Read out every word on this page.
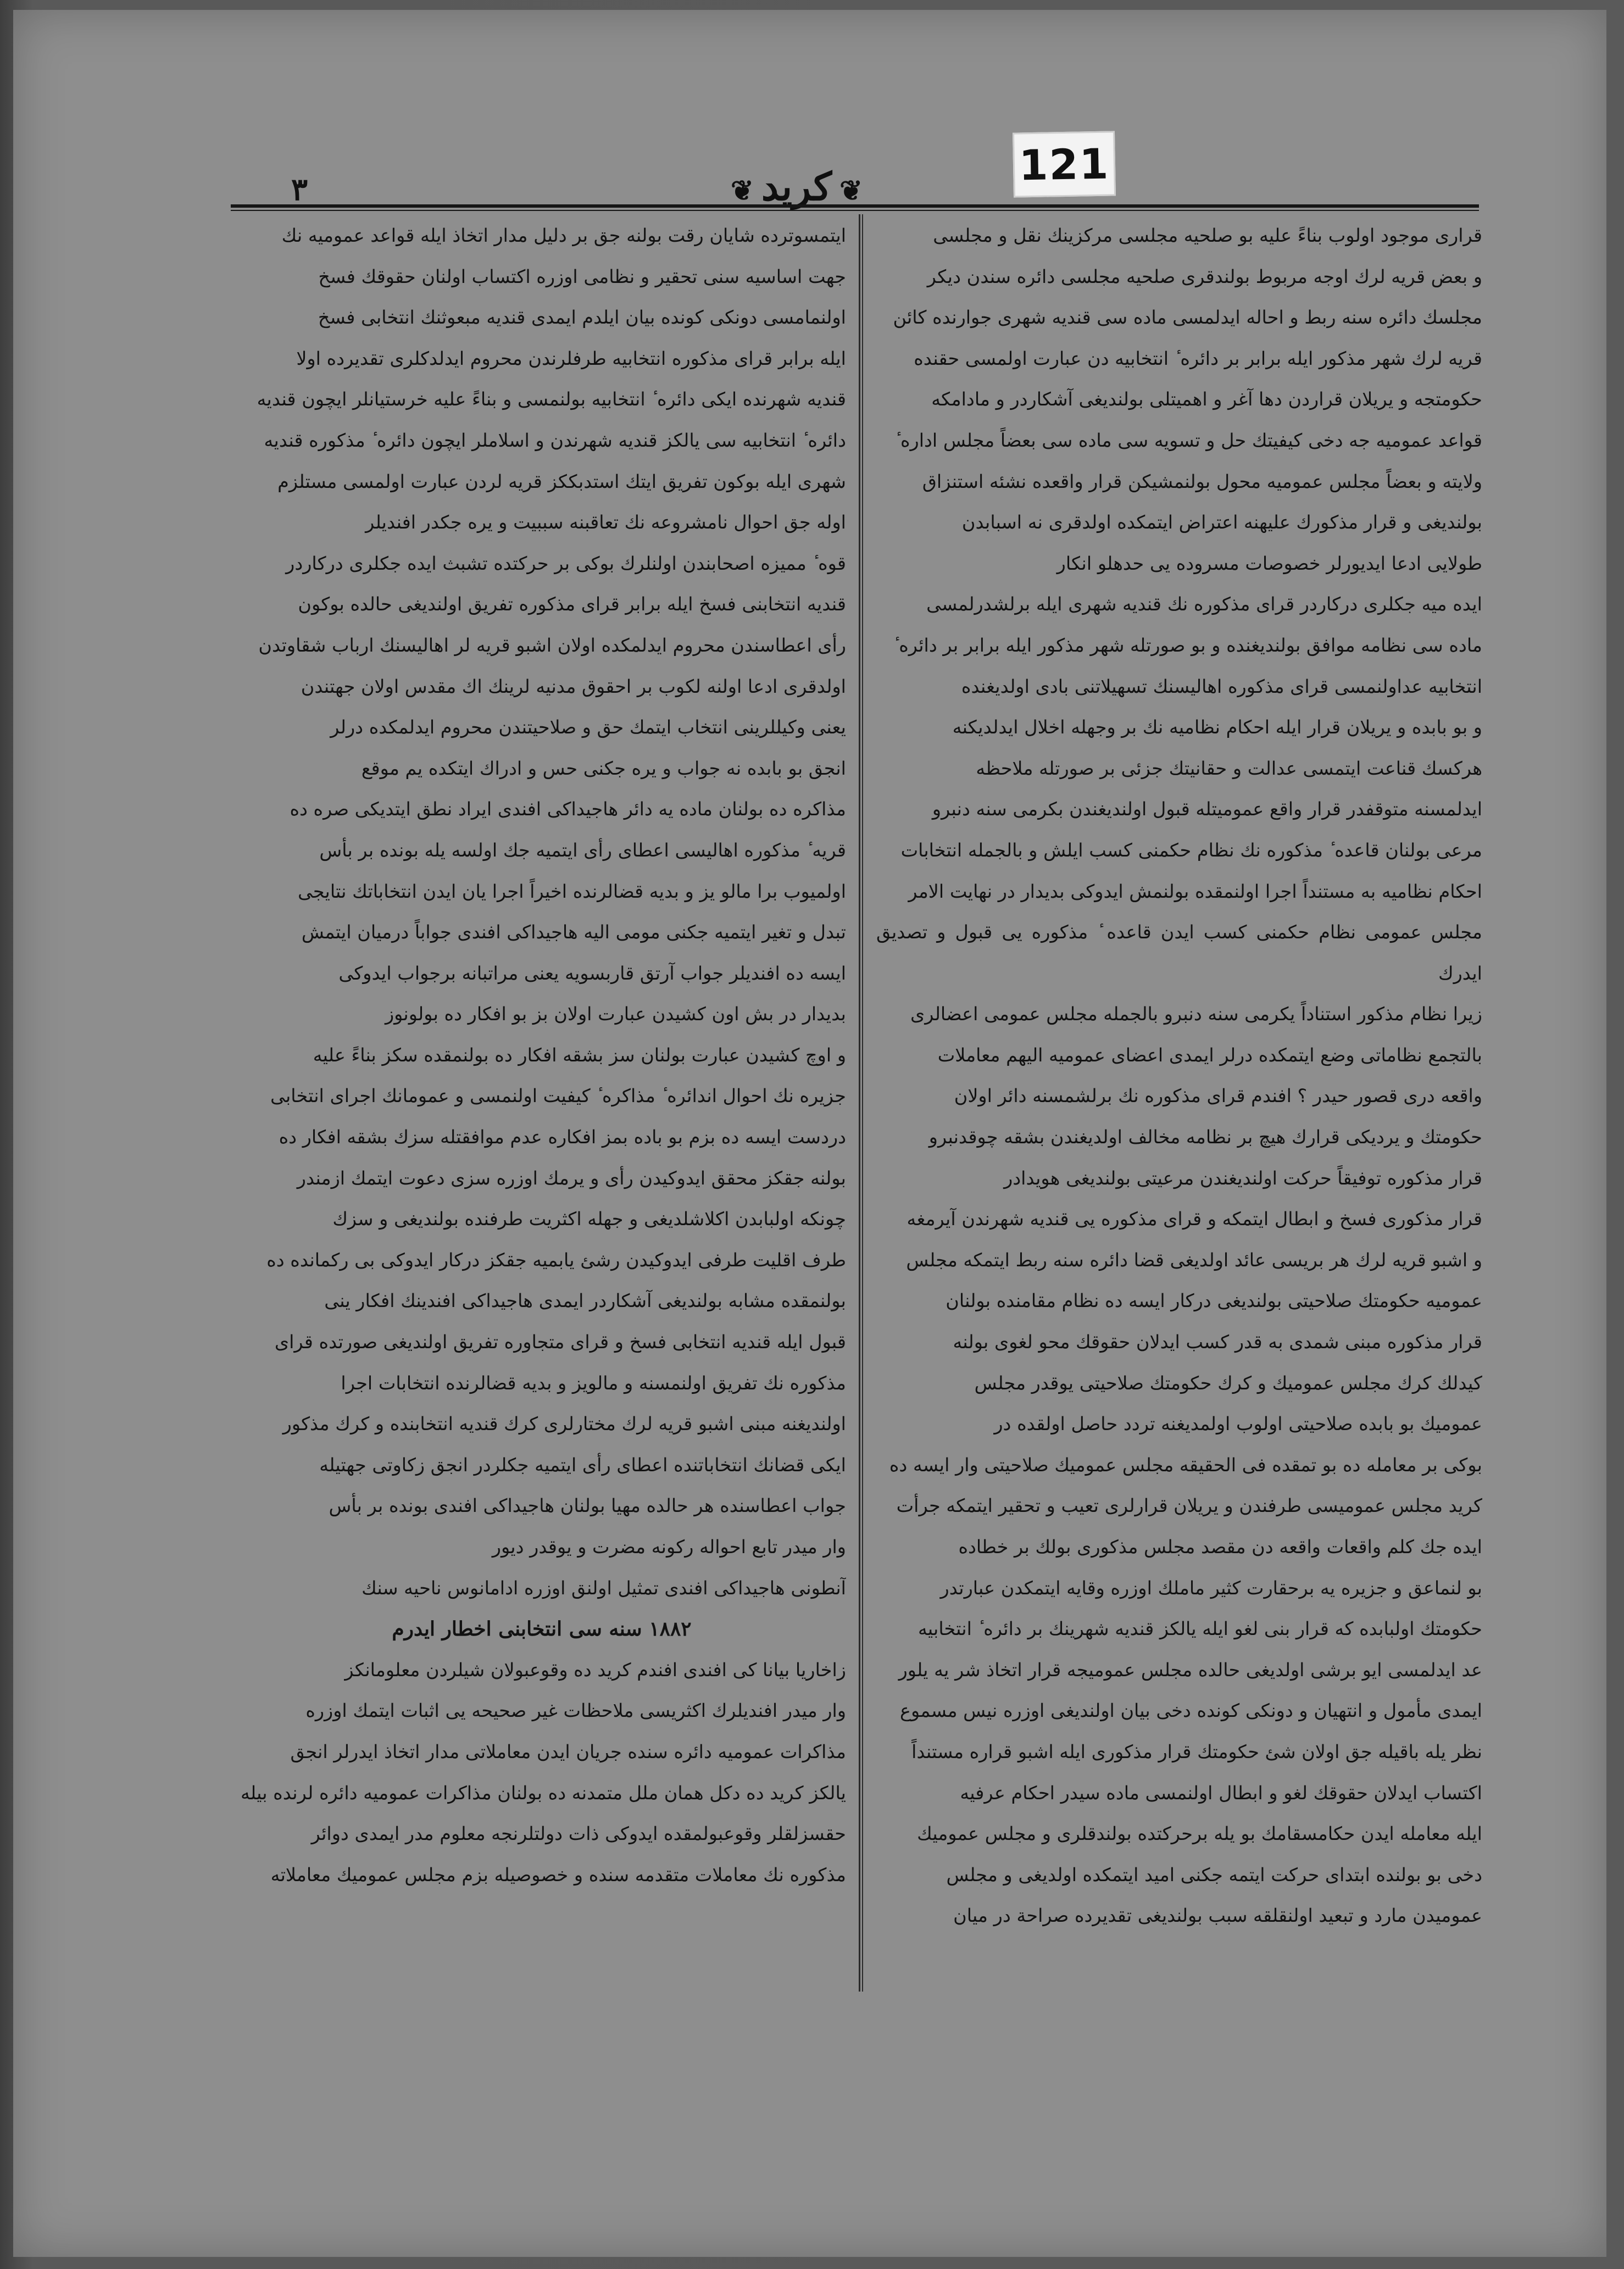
121
٣	❦كريد❦

قرارى موجود اولوب بناءً عليه بو صلحيه مجلسى مركزينك نقل و مجلسى

و بعض قريه لرك اوجه مربوط بولندقرى صلحيه مجلسى دائره سندن ديكر

مجلسك دائره سنه ربط و احاله ايدلمسى ماده سى قنديه شهرى جوارنده كائن

قريه لرك شهر مذكور ايله برابر بر دائره ٔ انتخابيه دن عبارت اولمسى حقنده

حكومتجه و يريلان قراردن دها آغر و اهميتلى بولنديغى آشكاردر و مادامكه

قواعد عموميه جه دخى كيفيتك حل و تسويه سى ماده سى بعضاً مجلس اداره ٔ

ولايته و بعضاً مجلس عموميه محول بولنمشيكن قرار واقعده نشئه استنزاق

بولنديغى و قرار مذكورك عليهنه اعتراض ايتمكده اولدقرى نه اسبابدن

طولايى ادعا ايديورلر خصوصات مسروده يى حدهلو انكار

ايده ميه جكلرى دركاردر قراى مذكوره نك قنديه شهرى ايله برلشدرلمسى

ماده سى نظامه موافق بولنديغنده و بو صورتله شهر مذكور ايله برابر بر دائره ٔ

انتخابيه عداولنمسى قراى مذكوره اهاليسنك تسهيلاتنى بادى اولديغنده

و بو بابده و يريلان قرار ايله احكام نظاميه نك بر وجهله اخلال ايدلديكنه

هركسك قناعت ايتمسى عدالت و حقانيتك جزئى بر صورتله ملاحظه

ايدلمسنه متوقفدر قرار واقع عموميتله قبول اولنديغندن بكرمى سنه دنبرو

مرعى بولنان قاعده ٔ مذكوره نك نظام حكمنى كسب ايلش و بالجمله انتخابات

احكام نظاميه به مستنداً اجرا اولنمقده بولنمش ايدوكى بديدار در نهايت الامر

مجلس عمومى نظام حكمنى كسب ايدن قاعده ٔ مذكوره يى قبول و تصديق ايدرك

زيرا نظام مذكور استناداً يكرمى سنه دنبرو بالجمله مجلس عمومى اعضالرى

بالتجمع نظاماتى وضع ايتمكده درلر ايمدى اعضاى عموميه اليهم معاملات

واقعه درى قصور حيدر ؟ افندم قراى مذكوره نك برلشمسنه دائر اولان

حكومتك و يرديكى قرارك هيچ بر نظامه مخالف اولديغندن بشقه چوقدنبرو

قرار مذكوره توفيقاً حركت اولنديغندن مرعيتى بولنديغى هويدادر

قرار مذكورى فسخ و ابطال ايتمكه و قراى مذكوره يى قنديه شهرندن آيرمغه

و اشبو قريه لرك هر بريسى عائد اولديغى قضا دائره سنه ربط ايتمكه مجلس

عموميه حكومتك صلاحيتى بولنديغى دركار ايسه ده نظام مقامنده بولنان

قرار مذكوره مبنى شمدى به قدر كسب ايدلان حقوقك محو لغوى بولنه

كيدلك كرك مجلس عموميك و كرك حكومتك صلاحيتى يوقدر مجلس

عموميك بو بابده صلاحيتى اولوب اولمديغنه تردد حاصل اولقده در

بوكى بر معامله ده بو تمقده فى الحقيقه مجلس عموميك صلاحيتى وار ايسه ده

كريد مجلس عموميسى طرفندن و يريلان قرارلرى تعيب و تحقير ايتمكه جرأت

ايده جك كلم واقعات واقعه دن مقصد مجلس مذكورى بولك بر خطاده

بو لنماعق و جزيره يه برحقارت كثير ماملك اوزره وقايه ايتمكدن عبارتدر

حكومتك اولبابده كه قرار بنى لغو ايله يالكز قنديه شهرينك بر دائره ٔ انتخابيه

عد ايدلمسى ايو برشى اولديغى حالده مجلس عموميجه قرار اتخاذ شر يه يلور

ايمدى مأمول و انتهيان و دونكى كونده دخى بيان اولنديغى اوزره نيس مسموع

نظر يله باقيله جق اولان شئ حكومتك قرار مذكورى ايله اشبو قراره مستنداً

اكتساب ايدلان حقوقك لغو و ابطال اولنمسى ماده سيدر احكام عرفيه

ايله معامله ايدن حكامسقامك بو يله برحركتده بولندقلرى و مجلس عموميك

دخى بو بولنده ابتداى حركت ايتمه جكنى اميد ايتمكده اولديغى و مجلس

عموميدن مارد و تبعيد اولنقلقه سبب بولنديغى تقديرده صراحة در ميان

ايتمسوترده شايان رقت بولنه جق بر دليل مدار اتخاذ ايله قواعد عموميه نك

جهت اساسيه سنى تحقير و نظامى اوزره اكتساب اولنان حقوقك فسخ

اولنمامسى دونكى كونده بيان ايلدم ايمدى قنديه مبعوثنك انتخابى فسخ

ايله برابر قراى مذكوره انتخابيه طرفلرندن محروم ايدلدكلرى تقديرده اولا

قنديه شهرنده ايكى دائره ٔ انتخابيه بولنمسى و بناءً عليه خرستيانلر ايچون قنديه

دائره ٔ انتخابيه سى يالكز قنديه شهرندن و اسلاملر ايچون دائره ٔ مذكوره قنديه

شهرى ايله بوكون تفريق ايتك استدبككز قريه لردن عبارت اولمسى مستلزم

اوله جق احوال نامشروعه نك تعاقبنه سببيت و يره جكدر افنديلر

قوه ٔ مميزه اصحابندن اولنلرك بوكى بر حركتده تشبث ايده جكلرى دركاردر

قنديه انتخابنى فسخ ايله برابر قراى مذكوره تفريق اولنديغى حالده بوكون

رأى اعطاسندن محروم ايدلمكده اولان اشبو قريه لر اهاليسنك ارباب شقاوتدن

اولدقرى ادعا اولنه لكوب بر احقوق مدنيه لرينك اك مقدس اولان جهتندن

يعنى وكيللرينى انتخاب ايتمك حق و صلاحيتندن محروم ايدلمكده درلر

انجق بو بابده نه جواب و يره جكنى حس و ادراك ايتكده يم موقع

مذاكره ده بولنان ماده يه دائر هاجيداكى افندى ايراد نطق ايتديكى صره ده

قريه ٔ مذكوره اهاليسى اعطاى رأى ايتميه جك اولسه يله بونده بر بأس

اولميوب برا مالو يز و بديه قضالرنده اخيراً اجرا يان ايدن انتخاباتك نتايجى

تبدل و تغير ايتميه جكنى مومى اليه هاجيداكى افندى جواباً درميان ايتمش

ايسه ده افنديلر جواب آرتق قاربسويه يعنى مراتبانه برجواب ايدوكى

بديدار در بش اون كشيدن عبارت اولان بز بو افكار ده بولونوز

و اوچ كشيدن عبارت بولنان سز بشقه افكار ده بولنمقده سكز بناءً عليه

جزيره نك احوال اندائره ٔ مذاكره ٔ كيفيت اولنمسى و عمومانك اجراى انتخابى

دردست ايسه ده بزم بو باده بمز افكاره عدم موافقتله سزك بشقه افكار ده

بولنه جقكز محقق ايدوكيدن رأى و يرمك اوزره سزى دعوت ايتمك ازمندر

چونكه اولبابدن اكلاشلديغى و جهله اكثريت طرفنده بولنديغى و سزك

طرف اقليت طرفى ايدوكيدن رشئ يابميه جقكز دركار ايدوكى بى ركمانده ده

بولنمقده مشابه بولنديغى آشكاردر ايمدى هاجيداكى افندينك افكار ينى

قبول ايله قنديه انتخابى فسخ و قراى متجاوره تفريق اولنديغى صورتده قراى

مذكوره نك تفريق اولنمسنه و مالويز و بديه قضالرنده انتخابات اجرا

اولنديغنه مبنى اشبو قريه لرك مختارلرى كرك قنديه انتخابنده و كرك مذكور

ايكى قضانك انتخاباتنده اعطاى رأى ايتميه جكلردر انجق زكاوتى جهتيله

جواب اعطاسنده هر حالده مهيا بولنان هاجيداكى افندى بونده بر بأس

وار ميدر تابع احواله ركونه مضرت و يوقدر ديور

آنطونى هاجيداكى افندى تمثيل اولنق اوزره ادامانوس ناحيه سنك

١٨٨٢ سنه سى انتخابنى اخطار ايدرم

زاخاريا بيانا كى افندى افندم كريد ده وقوعبولان شيلردن معلومانكز

وار ميدر افنديلرك اكثريسى ملاحظات غير صحيحه يى اثبات ايتمك اوزره

مذاكرات عموميه دائره سنده جريان ايدن معاملاتى مدار اتخاذ ايدرلر انجق

يالكز كريد ده دكل همان ملل متمدنه ده بولنان مذاكرات عموميه دائره لرنده بيله

حقسزلقلر وقوعبولمقده ايدوكى ذات دولتلرنجه معلوم مدر ايمدى دوائر

مذكوره نك معاملات متقدمه سنده و خصوصيله بزم مجلس عموميك معاملاته
